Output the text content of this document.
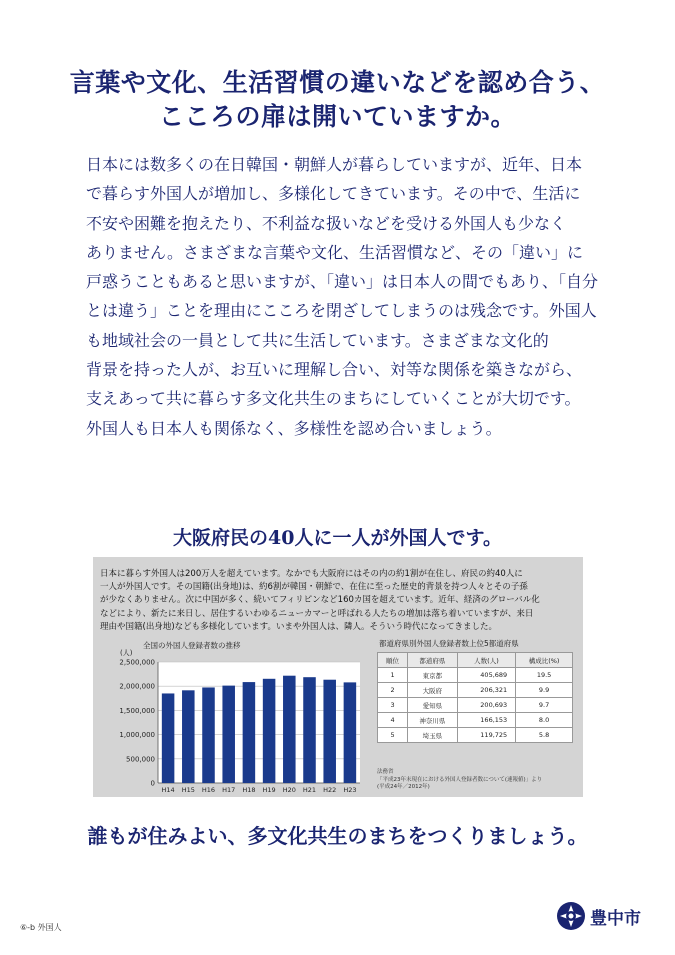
言葉や文化、生活習慣の違いなどを認め合う、
こころの扉は開いていますか。
日本には数多くの在日韓国・朝鮮人が暮らしていますが、近年、日本
で暮らす外国人が増加し、多様化してきています。その中で、生活に
不安や困難を抱えたり、不利益な扱いなどを受ける外国人も少なく
ありません。さまざまな言葉や文化、生活習慣など、その「違い」に
戸惑うこともあると思いますが、「違い」は日本人の間でもあり、「自分
とは違う」ことを理由にこころを閉ざしてしまうのは残念です。外国人
も地域社会の一員として共に生活しています。さまざまな文化的
背景を持った人が、お互いに理解し合い、対等な関係を築きながら、
支えあって共に暮らす多文化共生のまちにしていくことが大切です。
外国人も日本人も関係なく、多様性を認め合いましょう。
大阪府民の40人に一人が外国人です。
日本に暮らす外国人は200万人を超えています。なかでも大阪府にはその内の約1割が在住し、府民の約40人に
一人が外国人です。その国籍(出身地)は、約6割が韓国・朝鮮で、在住に至った歴史的背景を持つ人々とその子孫
が少なくありません。次に中国が多く、続いてフィリピンなど160カ国を超えています。近年、経済のグローバル化
などにより、新たに来日し、居住するいわゆるニューカマーと呼ばれる人たちの増加は落ち着いていますが、来日
理由や国籍(出身地)なども多様化しています。いまや外国人は、隣人。そういう時代になってきました。
全国の外国人登録者数の推移
(人)
0
500,000
1,000,000
1,500,000
2,000,000
2,500,000
H14 H15 H16 H17 H18 H19 H20 H21 H22 H23
都道府県別外国人登録者数上位5都道府県
順位	都道府県	人数(人)	構成比(%)
1	東京都	405,689	19.5
2	大阪府	206,321	9.9
3	愛知県	200,693	9.7
4	神奈川県	166,153	8.0
5	埼玉県	119,725	5.8
法務省
「平成23年末現在における外国人登録者数について(速報値)」より
(平成24年／2012年)
誰もが住みよい、多文化共生のまちをつくりましょう。
⑥-b 外国人	豊中市
